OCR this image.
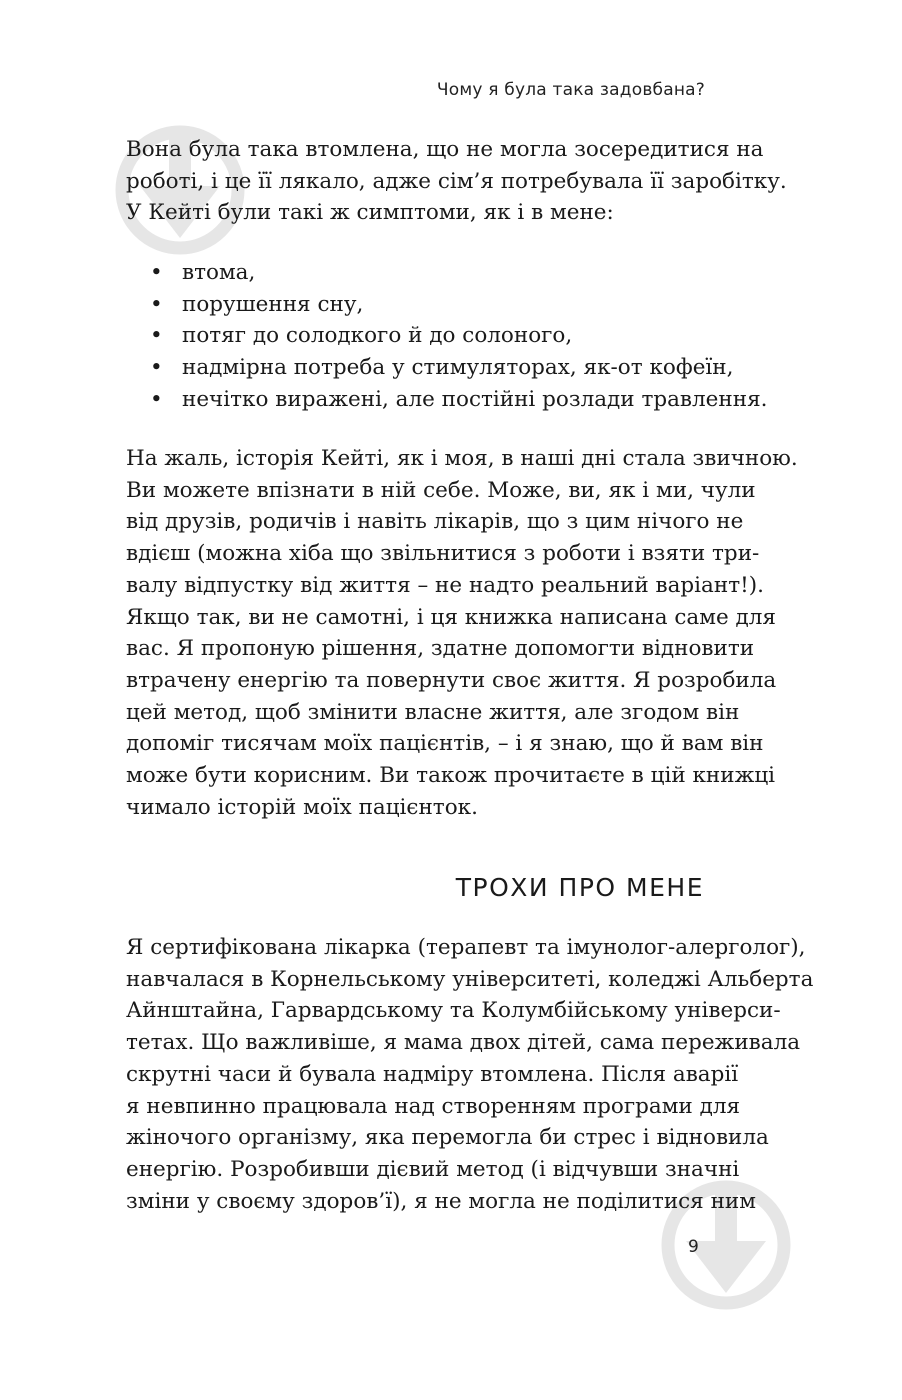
Чому я була така задовбана?
Вона була така втомлена, що не могла зосередитися на
роботі, і це її лякало, адже сім’я потребувала її заробітку.
У Кейті були такі ж симптоми, як і в мене:
• втома,
• порушення сну,
• потяг до солодкого й до солоного,
• надмірна потреба у стимуляторах, як-от кофеїн,
• нечітко виражені, але постійні розлади травлення.
На жаль, історія Кейті, як і моя, в наші дні стала звичною.
Ви можете впізнати в ній себе. Може, ви, як і ми, чули
від друзів, родичів і навіть лікарів, що з цим нічого не
вдієш (можна хіба що звільнитися з роботи і взяти три-
валу відпустку від життя – не надто реальний варіант!).
Якщо так, ви не самотні, і ця книжка написана саме для
вас. Я пропоную рішення, здатне допомогти відновити
втрачену енергію та повернути своє життя. Я розробила
цей метод, щоб змінити власне життя, але згодом він
допоміг тисячам моїх пацієнтів, – і я знаю, що й вам він
може бути корисним. Ви також прочитаєте в цій книжці
чимало історій моїх пацієнток.
ТРОХИ ПРО МЕНЕ
Я сертифікована лікарка (терапевт та імунолог-алерголог),
навчалася в Корнельському університеті, коледжі Альберта
Айнштайна, Гарвардському та Колумбійському універси-
тетах. Що важливіше, я мама двох дітей, сама переживала
скрутні часи й бувала надміру втомлена. Після аварії
я невпинно працювала над створенням програми для
жіночого організму, яка перемогла би стрес і відновила
енергію. Розробивши дієвий метод (і відчувши значні
зміни у своєму здоров’ї), я не могла не поділитися ним
9
